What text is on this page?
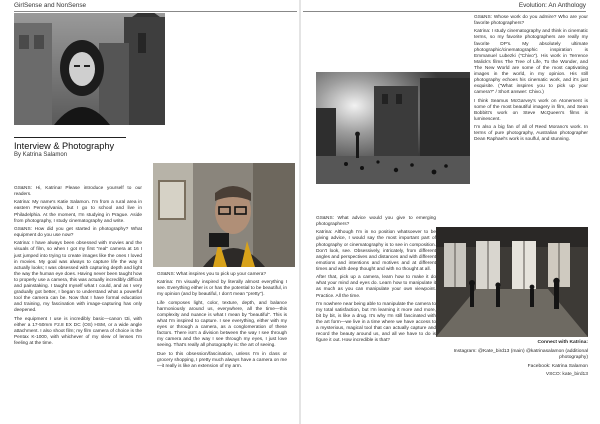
GirlSense and NonSense	Evolution: An Anthology
Interview & Photography
By Katrina Salamon

GS&NS: Hi, Katrina! Please introduce yourself to our readers.

Katrina: My name's Katie Salamon. I'm from a rural area in eastern Pennsylvania, but I go to school and live in Philadelphia. At the moment, I'm studying in Prague. Aside from photography, I study cinematography and write.

GS&NS: How did you get started in photography? What equipment do you use now?

Katrina: I have always been obsessed with movies and the visuals of film, so when I got my first "real" camera at 16 I just jumped into trying to create images like the ones I loved in movies. My goal was always to capture life the way it actually looks; I was obsessed with capturing depth and light the way the human eye does. Having never been taught how to properly use a camera, this was actually incredibly difficult and painstaking. I taught myself what I could, and as I very gradually got better, I began to understand what a powerful tool the camera can be. Now that I have formal education and training, my fascination with image-capturing has only deepened.

The equipment I use is incredibly basic—canon t3i, with either a 17-50mm F2.8 EX DC (OS) HSM, or a wide angle attachment. I also shoot film; my film camera of choice is the Pentax K-1000, with whichever of my slew of lenses I'm feeling at the time.

GS&NS: What inspires you to pick up your camera?

Katrina: I'm visually inspired by literally almost everything I see. Everything either is or has the potential to be beautiful, in my opinion (and by beautiful, I don't mean "pretty").

Life composes light, color, texture, depth, and balance harmoniously around us, everywhere, all the time—this complexity and nuance is what I mean by "beautiful". This is what I'm inspired to capture. I see everything, either with my eyes or through a camera, as a conglomeration of these factors. There isn't a division between the way I see through my camera and the way I see through my eyes, I just love seeing. That's really all photography is: the art of seeing.

Due to this obsession/fascination, unless I'm in class or grocery shopping, I pretty much always have a camera on me—it really is like an extension of my arm.

GS&NS: What advice would you give to emerging photographers?

Katrina: Although I'm in no position whatsoever to be giving advice, I would say the most important part of photography or cinematography is to see in composition. Don't look, see. Obsessively, intricately, from different angles and perspectives and distances and with different emotions and intentions and motives and at different times and with deep thought and with no thought at all.

After that, pick up a camera, learn how to make it do what your mind and eyes do. Learn how to manipulate it as much as you can manipulate your own viewpoint. Practice. All the time.

I'm nowhere near being able to manipulate the camera to my total satisfaction, but I'm learning it more and more, bit by bit, is like a drug. It's why I'm still fascinated with the art form—we live in a time where we have access to a mysterious, magical tool that can actually capture and record the beauty around us, and all we have to do is figure it out. How incredible is that?

GS&NS: Whose work do you admire? Who are your favorite photographers?

Katrina: I study cinematography and think in cinematic terms, so my favorite photographers are really my favorite DP's. My absolutely ultimate photographic/cinematographic inspiration is Emmanuel Lubezki ("Chivo"). His work in Terrence Malick's films The Tree of Life, To the Wonder, and The New World are some of the most captivating images in the world, in my opinion. His still photography echoes his cinematic work, and it's just exquisite. ("What inspires you to pick up your camera?" / Short answer: Chivo.)

I think Seamus McGarvey's work on Atonement is some of the most beautiful imagery in film, and Sean Bobbitt's work on Steve McQueen's films is luminescent.

I'm also a big fan of all of Reed Morano's work. In terms of pure photography, Australian photographer Dean Raphael's work is soulful, and stunning.

Connect with Katrina:
Instagram: @Kate_bird13 (main) @katrinasalamon (additional photography)
Facebook: Katrina Salamon
VSCO: kate_bird13
